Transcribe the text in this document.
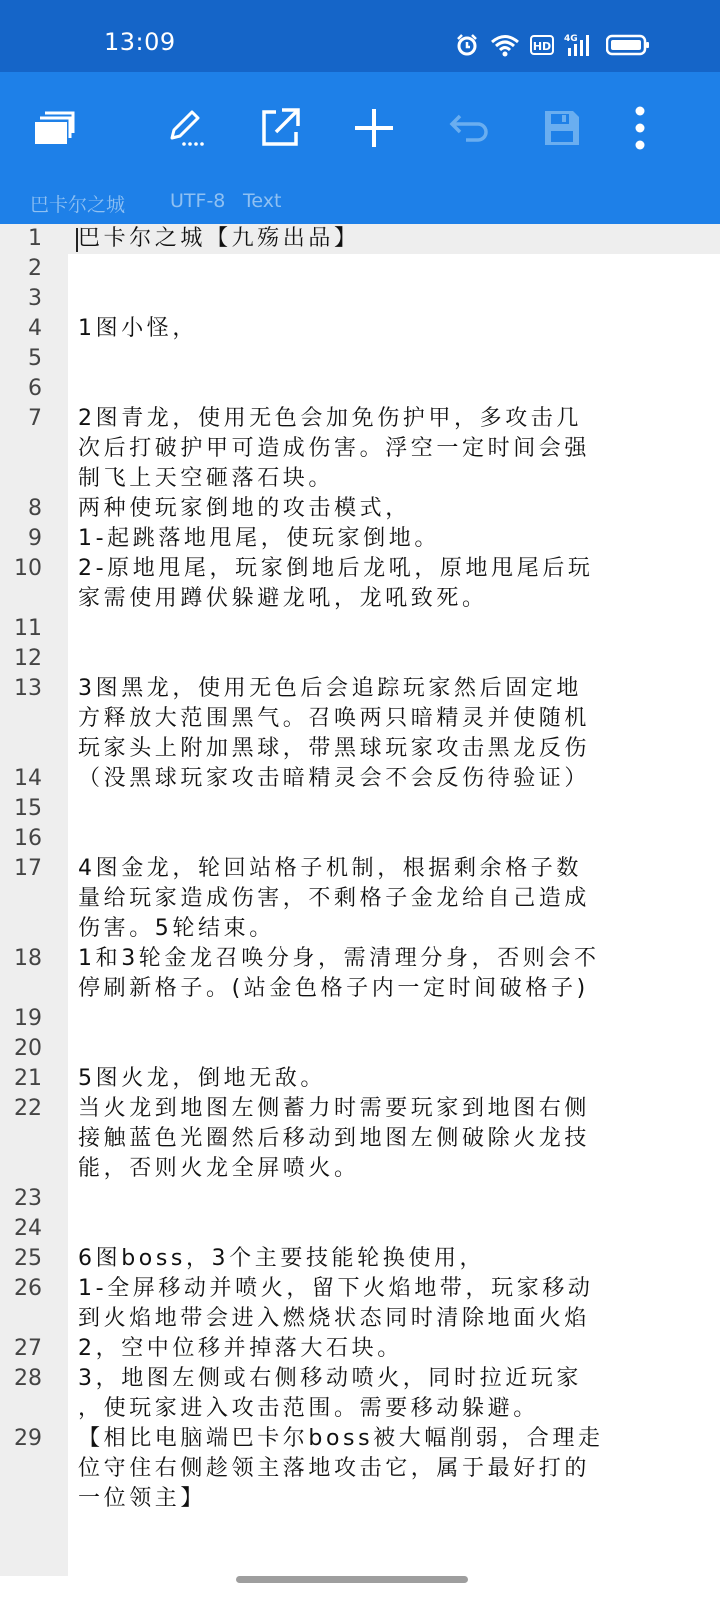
13:09	HD
4G
巴卡尔之城 UTF-8 Text
1
2
3
4
5
6
7
8
9
10
11
12
13
14
15
16
17
18
19
20
21
22
23
24
25
26
27
28
29
巴卡尔之城【九殇出品】
1图小怪，
2图青龙，使用无色会加免伤护甲，多攻击几
次后打破护甲可造成伤害。浮空一定时间会强
制飞上天空砸落石块。
两种使玩家倒地的攻击模式，
1-起跳落地甩尾，使玩家倒地。
2-原地甩尾，玩家倒地后龙吼，原地甩尾后玩
家需使用蹲伏躲避龙吼，龙吼致死。
3图黑龙，使用无色后会追踪玩家然后固定地
方释放大范围黑气。召唤两只暗精灵并使随机
玩家头上附加黑球，带黑球玩家攻击黑龙反伤
（没黑球玩家攻击暗精灵会不会反伤待验证）
4图金龙，轮回站格子机制，根据剩余格子数
量给玩家造成伤害，不剩格子金龙给自己造成
伤害。5轮结束。
1和3轮金龙召唤分身，需清理分身，否则会不
停刷新格子。(站金色格子内一定时间破格子)
5图火龙，倒地无敌。
当火龙到地图左侧蓄力时需要玩家到地图右侧
接触蓝色光圈然后移动到地图左侧破除火龙技
能，否则火龙全屏喷火。
6图boss，3个主要技能轮换使用，
1-全屏移动并喷火，留下火焰地带，玩家移动
到火焰地带会进入燃烧状态同时清除地面火焰
2，空中位移并掉落大石块。
3，地图左侧或右侧移动喷火，同时拉近玩家
，使玩家进入攻击范围。需要移动躲避。
【相比电脑端巴卡尔boss被大幅削弱，合理走
位守住右侧趁领主落地攻击它，属于最好打的
一位领主】
